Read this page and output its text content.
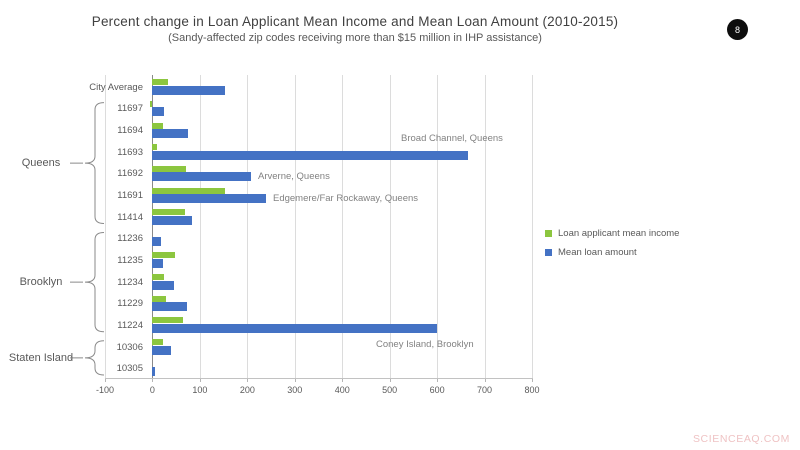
Percent change in Loan Applicant Mean Income and Mean Loan Amount (2010-2015)
(Sandy-affected zip codes receiving more than $15 million in IHP assistance)
8
Broad Channel, Queens
Arverne, Queens
Edgemere/Far Rockaway, Queens
Coney Island, Brooklyn
Loan applicant mean income
Mean loan amount
SCIENCEAQ.COM
-100	0	100	200	300	400	500	600	700	800
City Average
11697
11694
11693
11692
11691
11414
11236
11235
11234
11229
11224
10306
10305
Queens
Brooklyn
Staten Island
